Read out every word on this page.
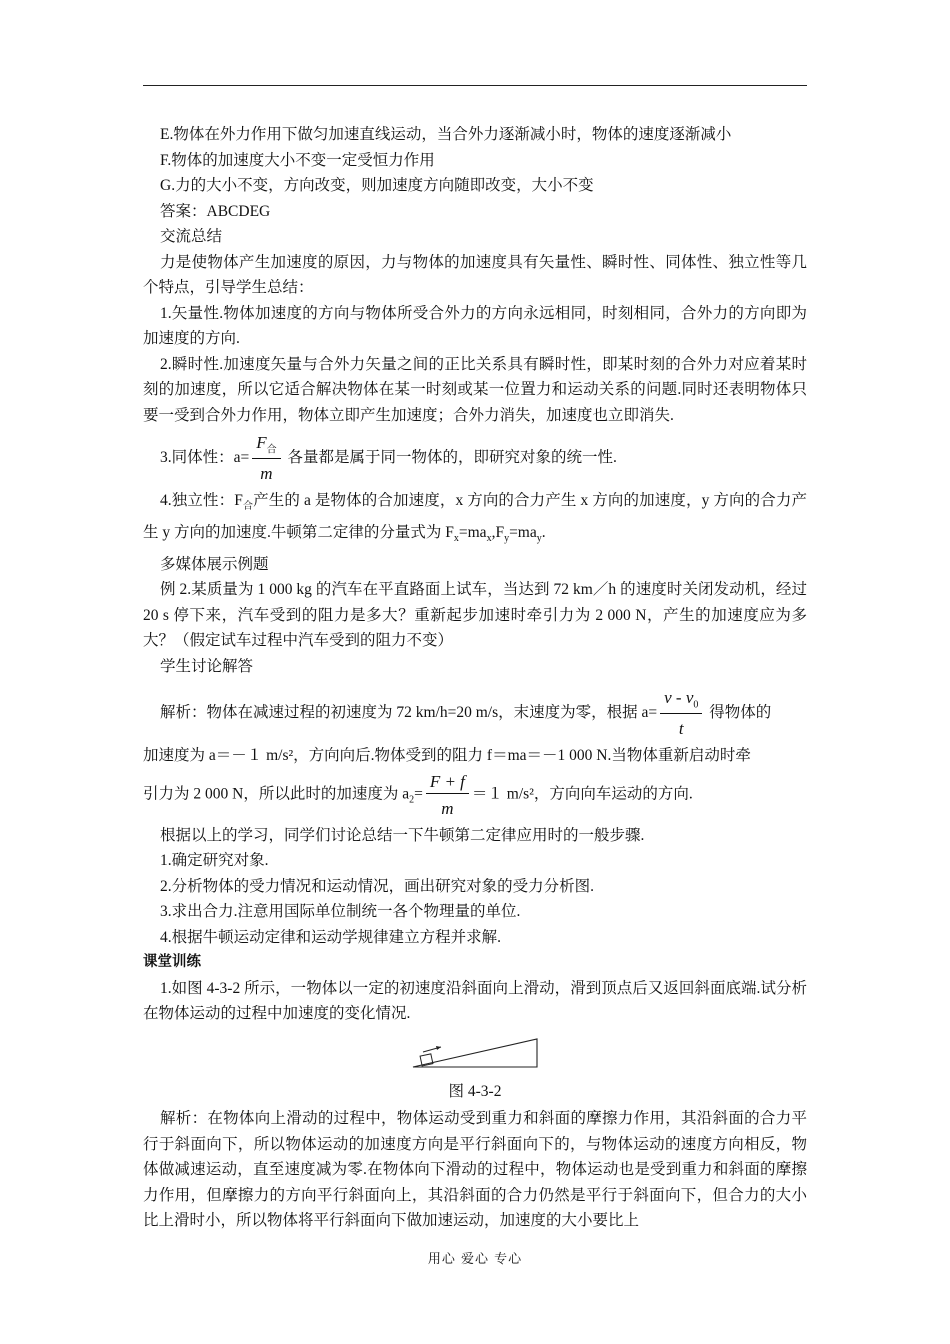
E.物体在外力作用下做匀加速直线运动，当合外力逐渐减小时，物体的速度逐渐减小

F.物体的加速度大小不变一定受恒力作用

G.力的大小不变，方向改变，则加速度方向随即改变，大小不变

答案：ABCDEG

交流总结

力是使物体产生加速度的原因，力与物体的加速度具有矢量性、瞬时性、同体性、独立性等几个特点，引导学生总结：

1.矢量性.物体加速度的方向与物体所受合外力的方向永远相同，时刻相同，合外力的方向即为加速度的方向.

2.瞬时性.加速度矢量与合外力矢量之间的正比关系具有瞬时性，即某时刻的合外力对应着某时刻的加速度，所以它适合解决物体在某一时刻或某一位置力和运动关系的问题.同时还表明物体只要一受到合外力作用，物体立即产生加速度；合外力消失，加速度也立即消失.

3.同体性：$a= \frac{F_合}{m}$ 各量都是属于同一物体的，即研究对象的统一性.

4.独立性：$F_合$产生的 a 是物体的合加速度，x 方向的合力产生 x 方向的加速度，y 方向的合力产生 y 方向的加速度.牛顿第二定律的分量式为 $F_x=ma_x,F_y=ma_y$.

多媒体展示例题

例 2.某质量为 1 000 kg 的汽车在平直路面上试车，当达到 72 km／h 的速度时关闭发动机，经过 20 s 停下来，汽车受到的阻力是多大？重新起步加速时牵引力为 2 000 N，产生的加速度应为多大？（假定试车过程中汽车受到的阻力不变）

学生讨论解答

解析：物体在减速过程的初速度为 72 km/h=20 m/s，末速度为零，根据 $a= \frac{v - v_0}{t}$ 得物体的

加速度为 a＝－１ m/s²，方向向后.物体受到的阻力 f＝ma＝－1 000 N.当物体重新启动时牵

引力为 2 000 N，所以此时的加速度为 $a_2= \frac{F + f}{m} =1$ m/s²，方向向车运动的方向.

根据以上的学习，同学们讨论总结一下牛顿第二定律应用时的一般步骤.

1.确定研究对象.

2.分析物体的受力情况和运动情况，画出研究对象的受力分析图.

3.求出合力.注意用国际单位制统一各个物理量的单位.

4.根据牛顿运动定律和运动学规律建立方程并求解.

课堂训练

1.如图 4-3-2 所示，一物体以一定的初速度沿斜面向上滑动，滑到顶点后又返回斜面底端.试分析在物体运动的过程中加速度的变化情况.

图 4-3-2

解析：在物体向上滑动的过程中，物体运动受到重力和斜面的摩擦力作用，其沿斜面的合力平行于斜面向下，所以物体运动的加速度方向是平行斜面向下的，与物体运动的速度方向相反，物体做减速运动，直至速度减为零.在物体向下滑动的过程中，物体运动也是受到重力和斜面的摩擦力作用，但摩擦力的方向平行斜面向上，其沿斜面的合力仍然是平行于斜面向下，但合力的大小比上滑时小，所以物体将平行斜面向下做加速运动，加速度的大小要比上

用心 爱心 专心
